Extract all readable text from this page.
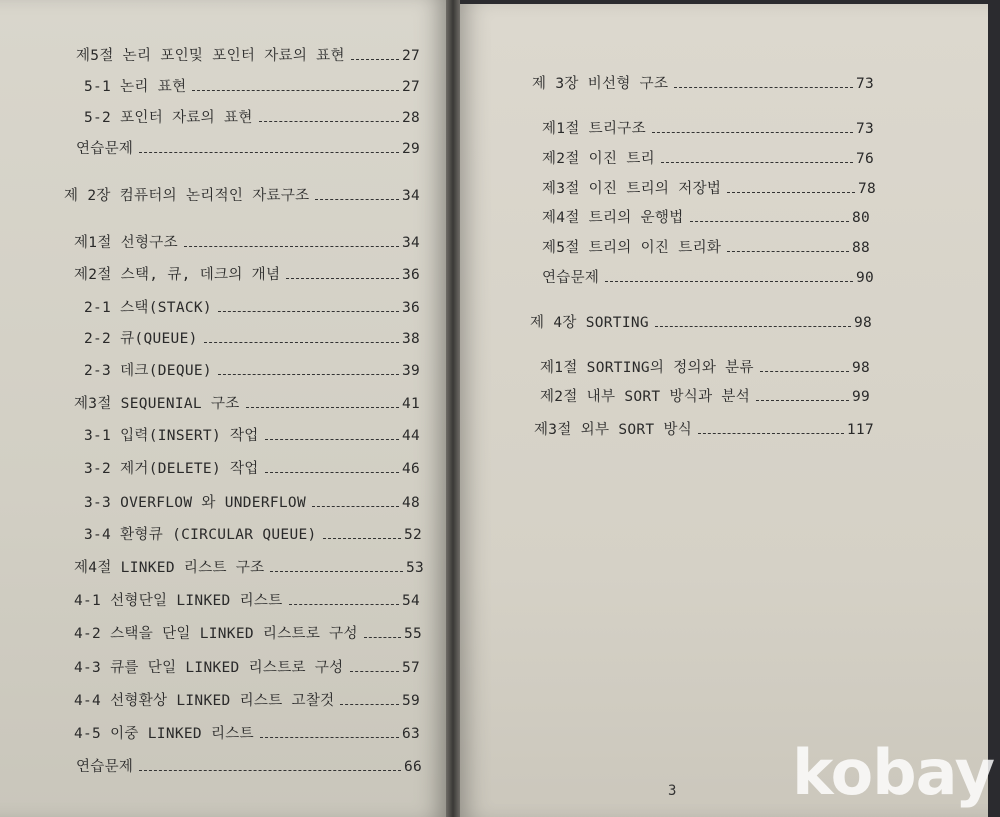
제5절 논리 포인및 포인터 자료의 표현	27
5-1 논리 표현	27
5-2 포인터 자료의 표현	28
연습문제	29
제 2장 컴퓨터의 논리적인 자료구조	34
제1절 선형구조	34
제2절 스택, 큐, 데크의 개념	36
2-1 스택(STACK)	36
2-2 큐(QUEUE)	38
2-3 데크(DEQUE)	39
제3절 SEQUENIAL 구조	41
3-1 입력(INSERT) 작업	44
3-2 제거(DELETE) 작업	46
3-3 OVERFLOW 와 UNDERFLOW	48
3-4 환형큐 (CIRCULAR QUEUE)	52
제4절 LINKED 리스트 구조	53
4-1 선형단일 LINKED 리스트	54
4-2 스택을 단일 LINKED 리스트로 구성	55
4-3 큐를 단일 LINKED 리스트로 구성	57
4-4 선형환상 LINKED 리스트 고찰것	59
4-5 이중 LINKED 리스트	63
연습문제	66
제 3장 비선형 구조	73
제1절 트리구조	73
제2절 이진 트리	76
제3절 이진 트리의 저장법	78
제4절 트리의 운행법	80
제5절 트리의 이진 트리화	88
연습문제	90
제 4장 SORTING	98
제1절 SORTING의 정의와 분류	98
제2절 내부 SORT 방식과 분석	99
제3절 외부 SORT 방식	117
3 kobay
